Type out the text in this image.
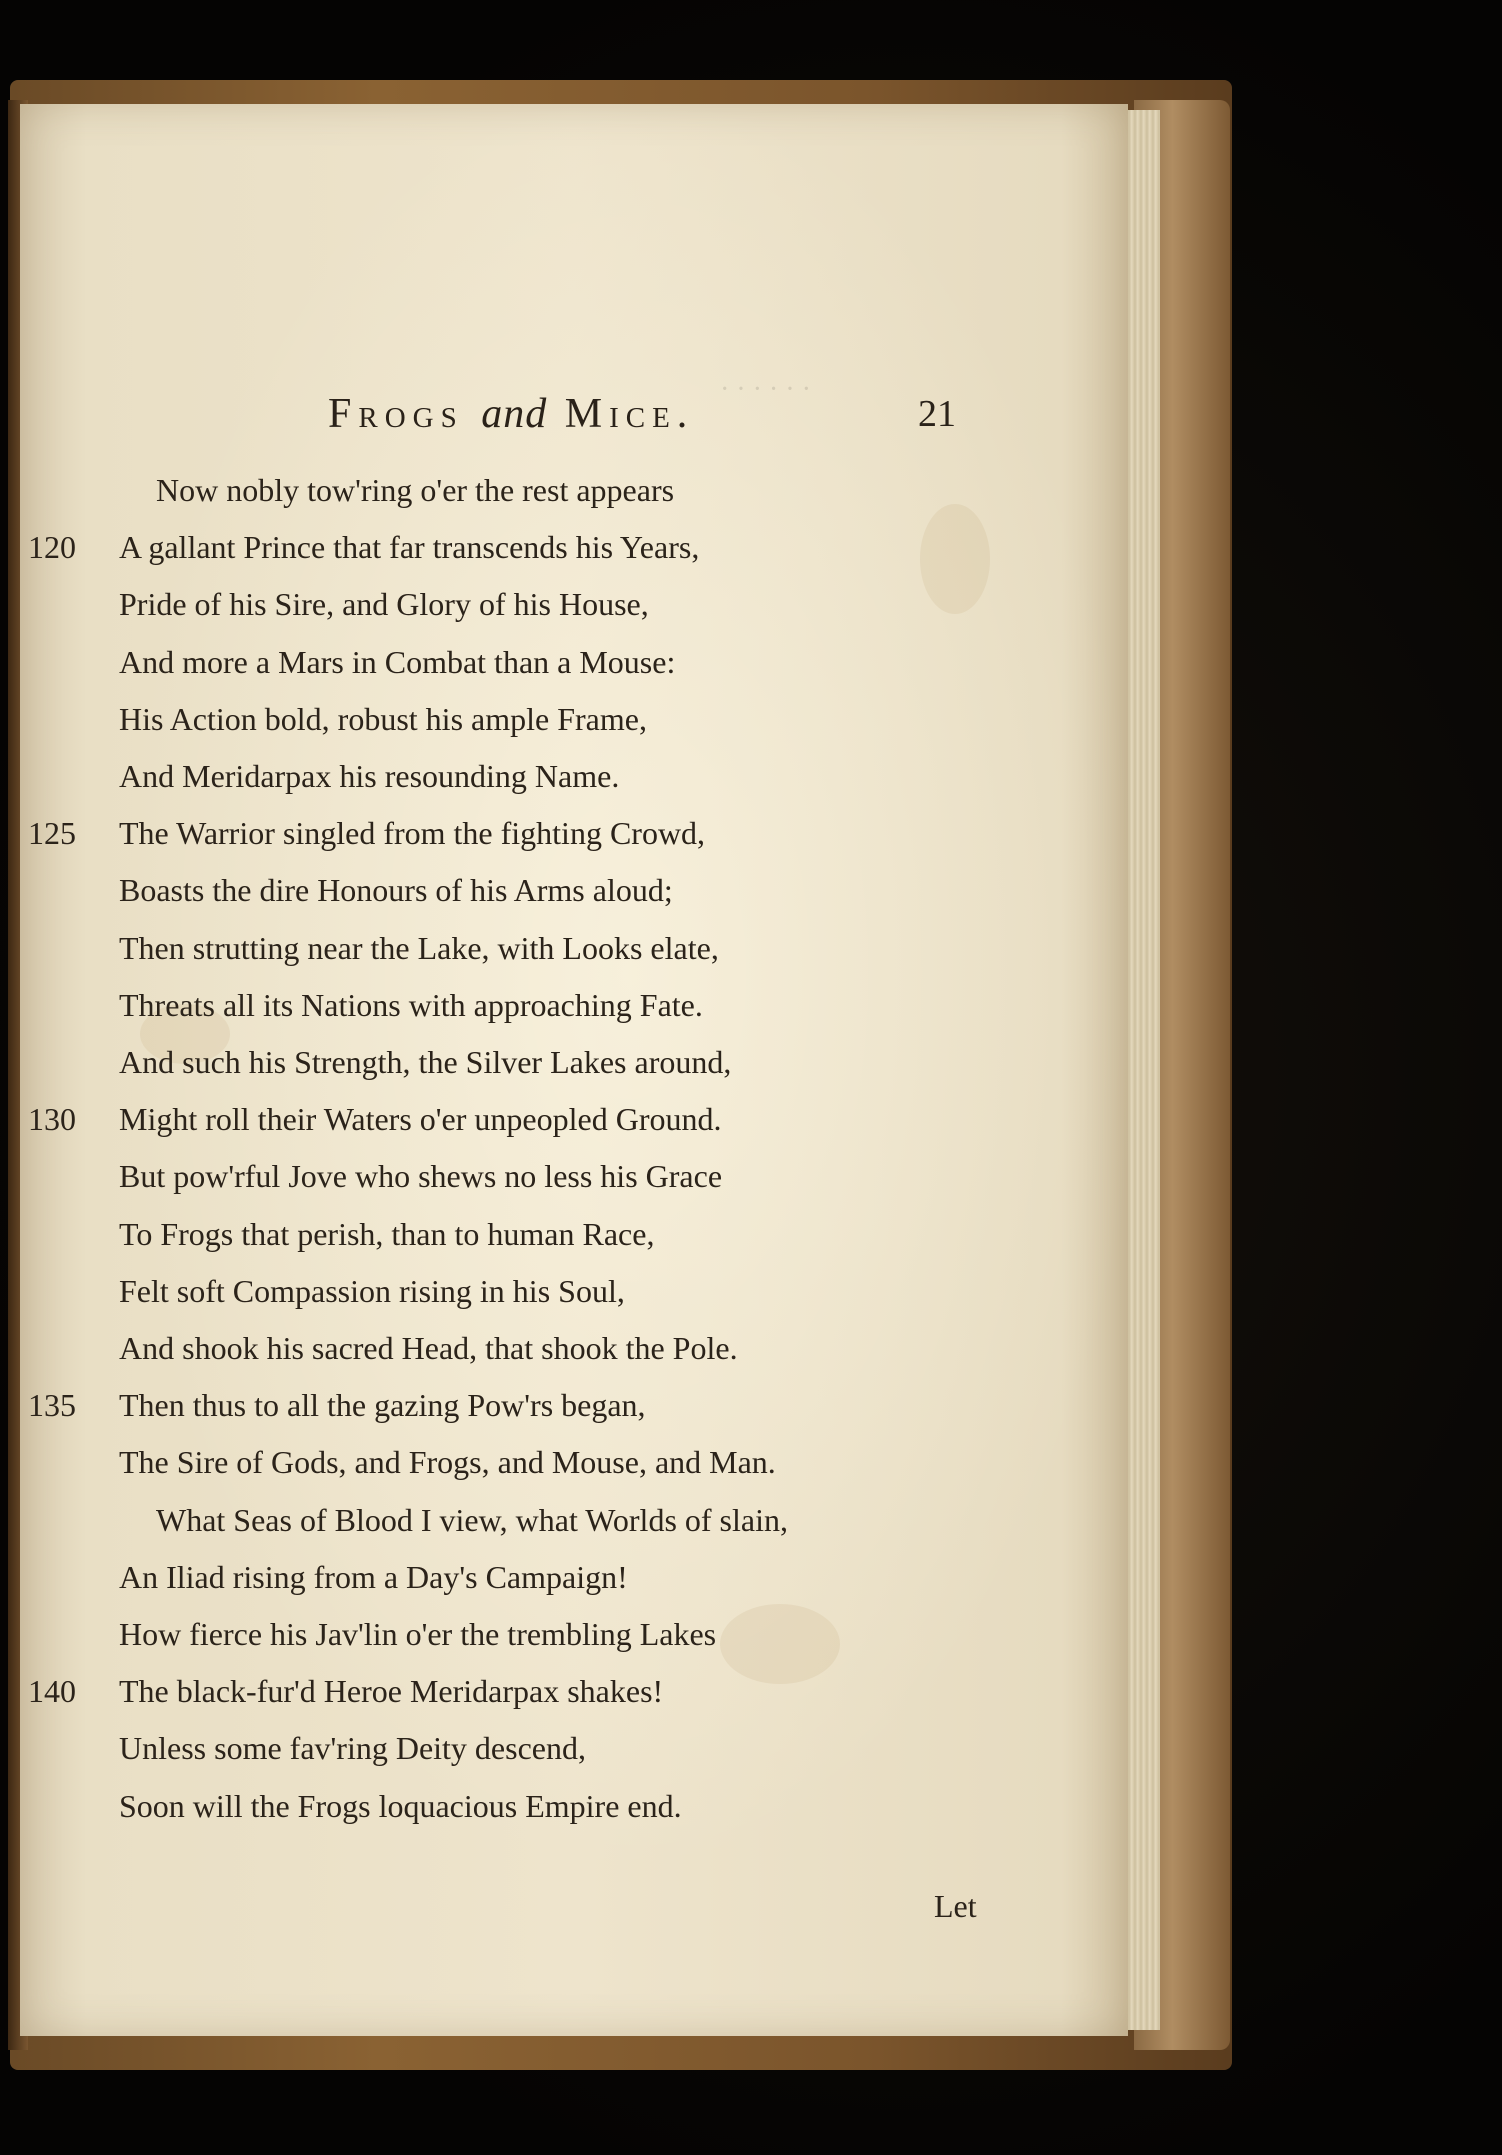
· · · · · ·
Frogs and Mice.	21
Now nobly tow'ring o'er the rest appears
120 A gallant Prince that far transcends his Years,
Pride of his Sire, and Glory of his House,
And more a Mars in Combat than a Mouse:
His Action bold, robust his ample Frame,
And Meridarpax his resounding Name.
125 The Warrior singled from the fighting Crowd,
Boasts the dire Honours of his Arms aloud;
Then strutting near the Lake, with Looks elate,
Threats all its Nations with approaching Fate.
And such his Strength, the Silver Lakes around,
130 Might roll their Waters o'er unpeopled Ground.
But pow'rful Jove who shews no less his Grace
To Frogs that perish, than to human Race,
Felt soft Compassion rising in his Soul,
And shook his sacred Head, that shook the Pole.
135 Then thus to all the gazing Pow'rs began,
The Sire of Gods, and Frogs, and Mouse, and Man.
What Seas of Blood I view, what Worlds of slain,
An Iliad rising from a Day's Campaign!
How fierce his Jav'lin o'er the trembling Lakes
140 The black-fur'd Heroe Meridarpax shakes!
Unless some fav'ring Deity descend,
Soon will the Frogs loquacious Empire end.
Let
